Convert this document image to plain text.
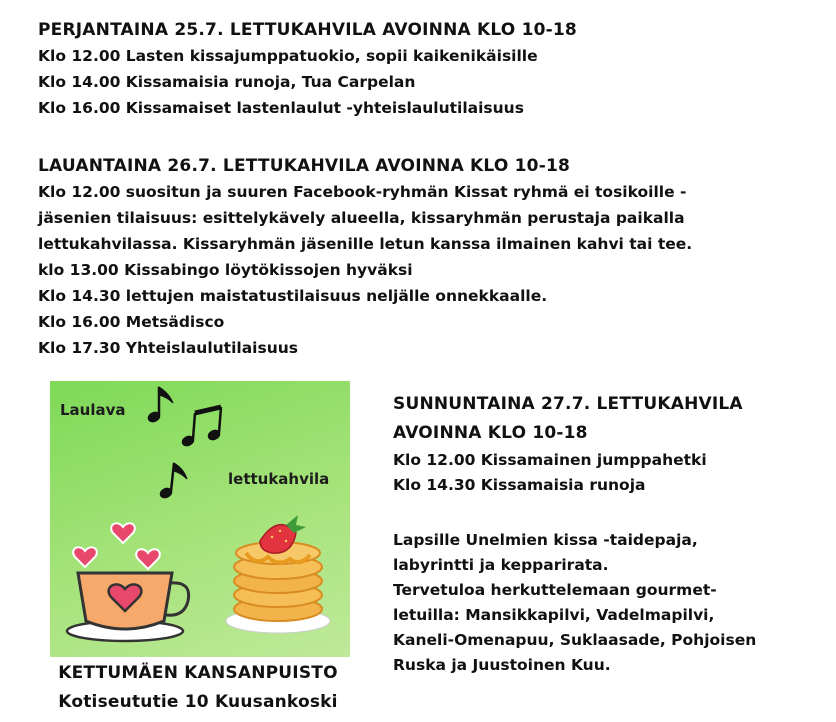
PERJANTAINA 25.7. LETTUKAHVILA AVOINNA KLO 10-18
Klo 12.00 Lasten kissajumppatuokio, sopii kaikenikäisille
Klo 14.00 Kissamaisia runoja, Tua Carpelan
Klo 16.00 Kissamaiset lastenlaulut -yhteislaulutilaisuus
LAUANTAINA 26.7. LETTUKAHVILA AVOINNA KLO 10-18
Klo 12.00 suositun ja suuren Facebook-ryhmän Kissat ryhmä ei tosikoille -
jäsenien tilaisuus: esittelykävely alueella, kissaryhmän perustaja paikalla
lettukahvilassa. Kissaryhmän jäsenille letun kanssa ilmainen kahvi tai tee.
klo 13.00 Kissabingo löytökissojen hyväksi
Klo 14.30 lettujen maistatustilaisuus neljälle onnekkaalle.
Klo 16.00 Metsädisco
Klo 17.30 Yhteislaulutilaisuus
Laulava
lettukahvila
SUNNUNTAINA 27.7. LETTUKAHVILA
AVOINNA KLO 10-18
Klo 12.00 Kissamainen jumppahetki
Klo 14.30 Kissamaisia runoja
Lapsille Unelmien kissa -taidepaja,
labyrintti ja kepparirata.
Tervetuloa herkuttelemaan gourmet-
letuilla: Mansikkapilvi, Vadelmapilvi,
Kaneli-Omenapuu, Suklaasade, Pohjoisen
Ruska ja Juustoinen Kuu.
KETTUMÄEN KANSANPUISTO
Kotiseututie 10 Kuusankoski
